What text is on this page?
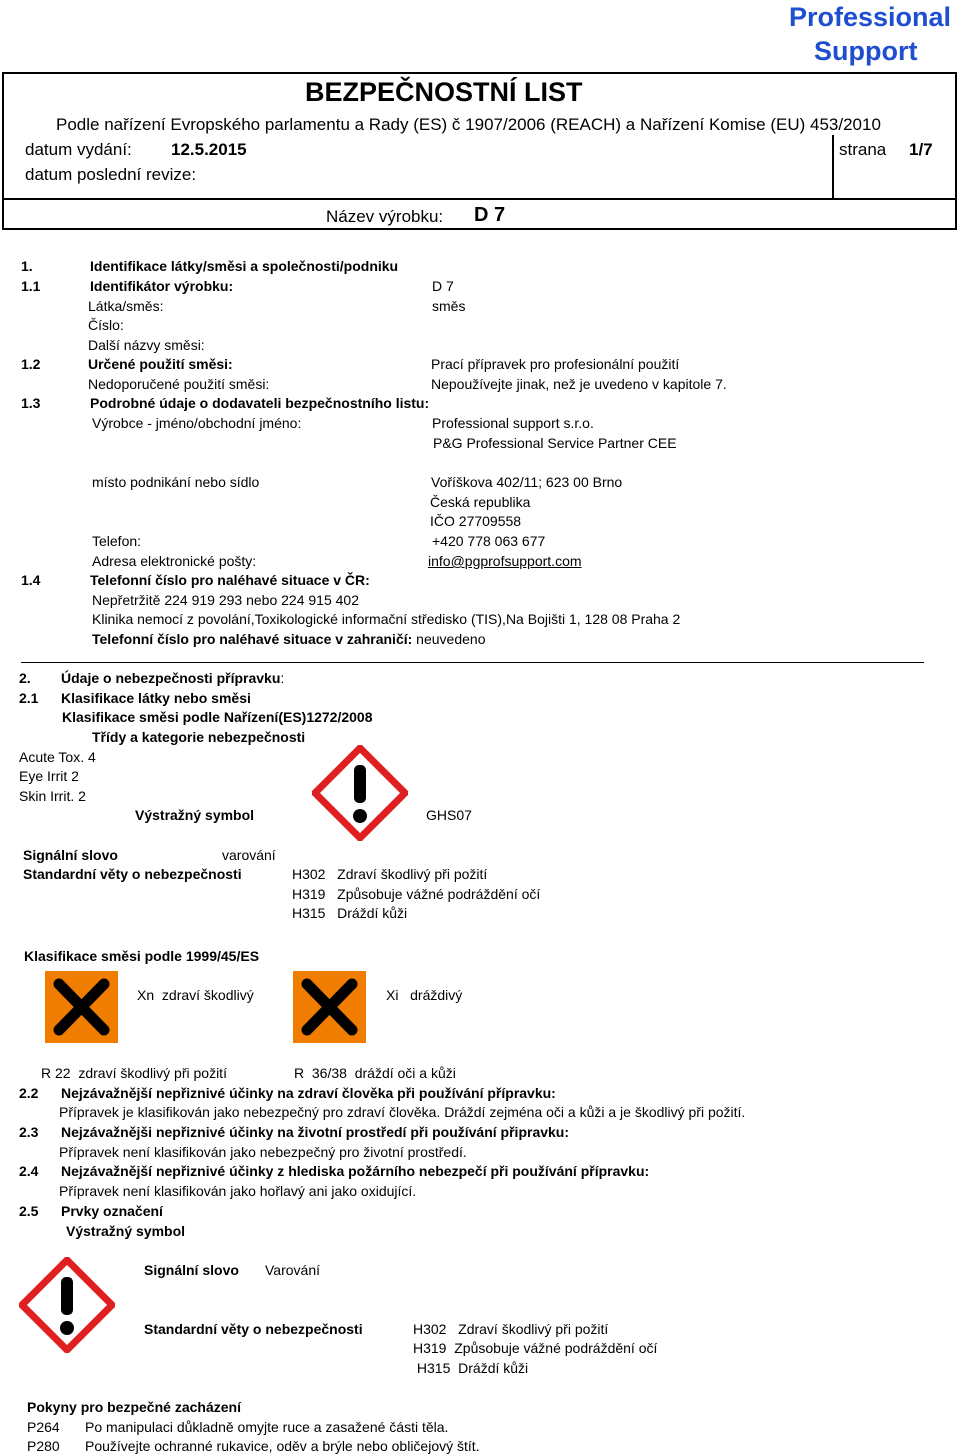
Professional
Support
BEZPEČNOSTNÍ LIST
Podle nařízení Evropského parlamentu a Rady (ES) č 1907/2006 (REACH) a Nařízení Komise (EU) 453/2010
datum vydání: 12.5.2015
datum poslední revize:
strana 1/7
Název výrobku: D 7
1.	Identifikace látky/směsi a společnosti/podniku
1.1	Identifikátor výrobku:	D 7
Látka/směs:	směs
Číslo:
Další názvy směsi:
1.2	Určené použití směsi:	Prací přípravek pro profesionální použití
Nedoporučené použití směsi:	Nepoužívejte jinak, než je uvedeno v kapitole 7.
1.3	Podrobné údaje o dodavateli bezpečnostního listu:
Výrobce - jméno/obchodní jméno:	Professional support s.r.o.
P&G Professional Service Partner CEE
místo podnikání nebo sídlo	Voříškova 402/11; 623 00 Brno
Česká republika
IČO 27709558
Telefon:	+420 778 063 677
Adresa elektronické pošty:	info@pgprofsupport.com
1.4	Telefonní číslo pro naléhavé situace v ČR:
Nepřetržitě 224 919 293 nebo 224 915 402
Klinika nemocí z povolání,Toxikologické informační středisko (TIS),Na Bojišti 1, 128 08 Praha 2
Telefonní číslo pro naléhavé situace v zahraničí: neuvedeno
2. Údaje o nebezpečnosti přípravku:
2.1 Klasifikace látky nebo směsi
Klasifikace směsi podle Nařízení(ES)1272/2008
Třídy a kategorie nebezpečnosti
Acute Tox. 4
Eye Irrit 2
Skin Irrit. 2
Výstražný symbol	GHS07
Signální slovo	varování
Standardní věty o nebezpečnosti	H302   Zdraví škodlivý při požití
H319   Způsobuje vážné podráždění očí
H315   Dráždí kůži
Klasifikace směsi podle 1999/45/ES
Xn  zdraví škodlivý	Xi   dráždivý
R 22  zdraví škodlivý při požití	R  36/38  dráždí oči a kůži
2.2 Nejzávažnější nepřiznivé účinky na zdraví člověka při používání přípravku:
Přípravek je klasifikován jako nebezpečný pro zdraví člověka. Dráždí zejména oči a kůži a je škodlivý při požití.
2.3 Nejzávažnějši nepřiznivé účinky na životní prostředí při používání připravku:
Přípravek není klasifikován jako nebezpečný pro životní prostředí.
2.4 Nejzávažnější nepřiznivé účinky z hlediska požárního nebezpečí při používání přípravku:
Přípravek není klasifikován jako hořlavý ani jako oxidující.
2.5 Prvky označení
Výstražný symbol
Signální slovo Varování
Standardní věty o nebezpečnosti	H302   Zdraví škodlivý při požití
H319  Způsobuje vážné podráždění očí
H315  Dráždí kůži
Pokyny pro bezpečné zacházení
P264 Po manipulaci důkladně omyjte ruce a zasažené části těla.
P280 Používejte ochranné rukavice, oděv a brýle nebo obličejový štít.
